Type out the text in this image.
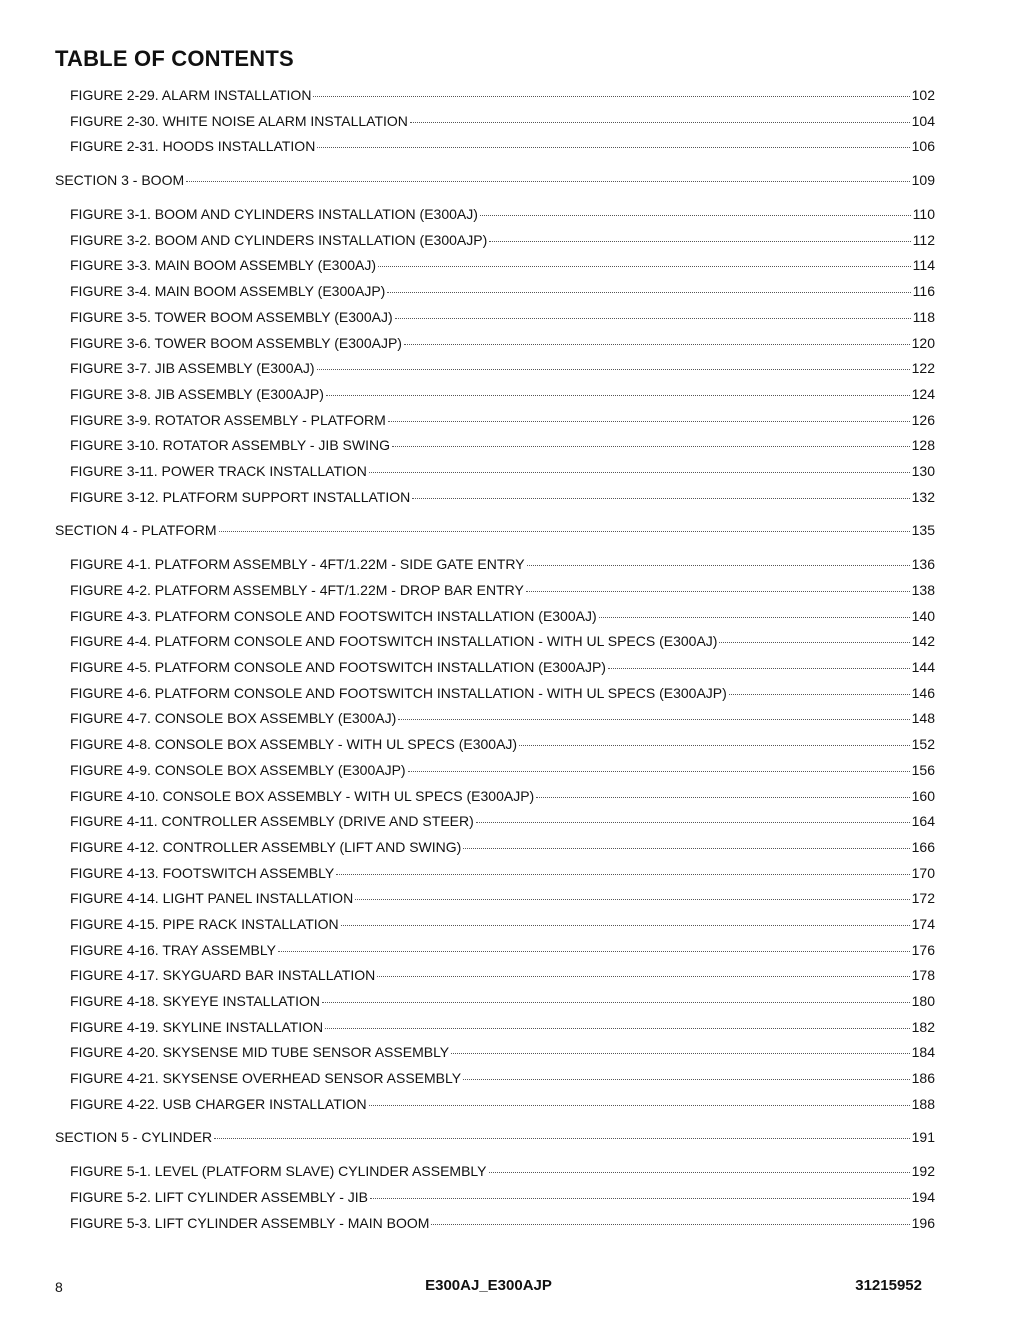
TABLE OF CONTENTS
FIGURE 2-29. ALARM INSTALLATION	102
FIGURE 2-30. WHITE NOISE ALARM INSTALLATION	104
FIGURE 2-31. HOODS INSTALLATION	106
SECTION 3 - BOOM	109
FIGURE 3-1. BOOM AND CYLINDERS INSTALLATION (E300AJ)	110
FIGURE 3-2. BOOM AND CYLINDERS INSTALLATION (E300AJP)	112
FIGURE 3-3. MAIN BOOM ASSEMBLY (E300AJ)	114
FIGURE 3-4. MAIN BOOM ASSEMBLY (E300AJP)	116
FIGURE 3-5. TOWER BOOM ASSEMBLY (E300AJ)	118
FIGURE 3-6. TOWER BOOM ASSEMBLY (E300AJP)	120
FIGURE 3-7. JIB ASSEMBLY (E300AJ)	122
FIGURE 3-8. JIB ASSEMBLY (E300AJP)	124
FIGURE 3-9. ROTATOR ASSEMBLY - PLATFORM	126
FIGURE 3-10. ROTATOR ASSEMBLY - JIB SWING	128
FIGURE 3-11. POWER TRACK INSTALLATION	130
FIGURE 3-12. PLATFORM SUPPORT INSTALLATION	132
SECTION 4 - PLATFORM	135
FIGURE 4-1. PLATFORM ASSEMBLY - 4FT/1.22M - SIDE GATE ENTRY	136
FIGURE 4-2. PLATFORM ASSEMBLY - 4FT/1.22M - DROP BAR ENTRY	138
FIGURE 4-3. PLATFORM CONSOLE AND FOOTSWITCH INSTALLATION (E300AJ)	140
FIGURE 4-4. PLATFORM CONSOLE AND FOOTSWITCH INSTALLATION - WITH UL SPECS (E300AJ)	142
FIGURE 4-5. PLATFORM CONSOLE AND FOOTSWITCH INSTALLATION (E300AJP)	144
FIGURE 4-6. PLATFORM CONSOLE AND FOOTSWITCH INSTALLATION - WITH UL SPECS (E300AJP)	146
FIGURE 4-7. CONSOLE BOX ASSEMBLY (E300AJ)	148
FIGURE 4-8. CONSOLE BOX ASSEMBLY - WITH UL SPECS (E300AJ)	152
FIGURE 4-9. CONSOLE BOX ASSEMBLY (E300AJP)	156
FIGURE 4-10. CONSOLE BOX ASSEMBLY - WITH UL SPECS (E300AJP)	160
FIGURE 4-11. CONTROLLER ASSEMBLY (DRIVE AND STEER)	164
FIGURE 4-12. CONTROLLER ASSEMBLY (LIFT AND SWING)	166
FIGURE 4-13. FOOTSWITCH ASSEMBLY	170
FIGURE 4-14. LIGHT PANEL INSTALLATION	172
FIGURE 4-15. PIPE RACK INSTALLATION	174
FIGURE 4-16. TRAY ASSEMBLY	176
FIGURE 4-17. SKYGUARD BAR INSTALLATION	178
FIGURE 4-18. SKYEYE INSTALLATION	180
FIGURE 4-19. SKYLINE INSTALLATION	182
FIGURE 4-20. SKYSENSE MID TUBE SENSOR ASSEMBLY	184
FIGURE 4-21. SKYSENSE OVERHEAD SENSOR ASSEMBLY	186
FIGURE 4-22. USB CHARGER INSTALLATION	188
SECTION 5 - CYLINDER	191
FIGURE 5-1. LEVEL (PLATFORM SLAVE) CYLINDER ASSEMBLY	192
FIGURE 5-2. LIFT CYLINDER ASSEMBLY - JIB	194
FIGURE 5-3. LIFT CYLINDER ASSEMBLY - MAIN BOOM	196
8	E300AJ_E300AJP	31215952
